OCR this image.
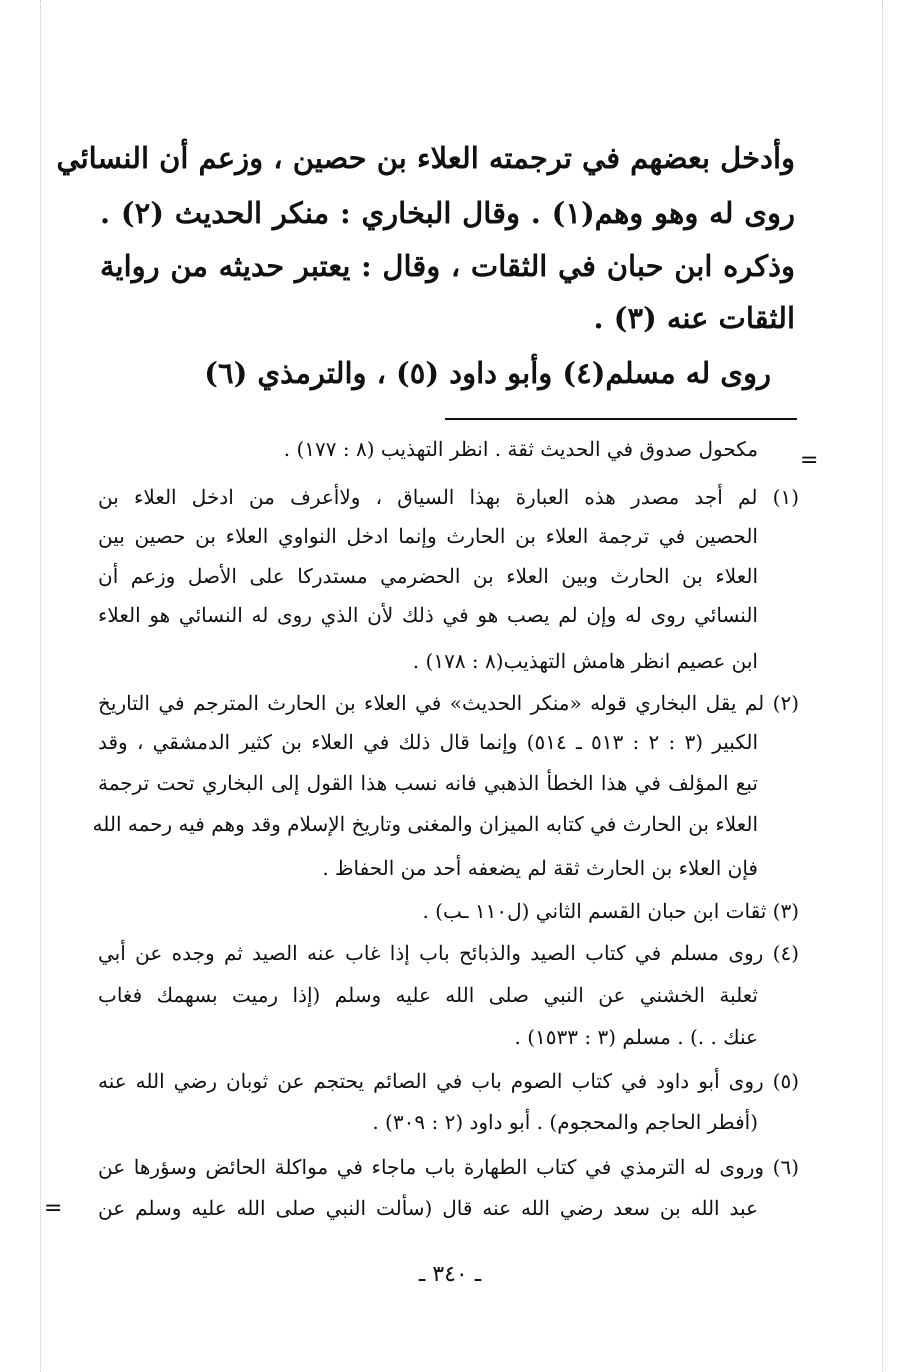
وأدخل بعضهم في ترجمته العلاء بن حصين ، وزعم أن النسائي
روى له وهو وهم(١) . وقال البخاري : منكر الحديث (٢) .
وذكره ابن حبان في الثقات ، وقال : يعتبر حديثه من رواية
الثقات عنه (٣) .
روى له مسلم(٤) وأبو داود (٥) ، والترمذي (٦)
=
مكحول صدوق في الحديث ثقة . انظر التهذيب (٨ : ١٧٧) .
(١) لم أجد مصدر هذه العبارة بهذا السياق ، ولاأعرف من ادخل العلاء بن
الحصين في ترجمة العلاء بن الحارث وإنما ادخل النواوي العلاء بن حصين بين
العلاء بن الحارث وبين العلاء بن الحضرمي مستدركا على الأصل وزعم أن
النسائي روى له وإن لم يصب هو في ذلك لأن الذي روى له النسائي هو العلاء
ابن عصيم انظر هامش التهذيب(٨ : ١٧٨) .
(٢) لم يقل البخاري قوله «منكر الحديث» في العلاء بن الحارث المترجم في التاريخ
الكبير (٣ : ٢ : ٥١٣ ـ ٥١٤) وإنما قال ذلك في العلاء بن كثير الدمشقي ، وقد
تبع المؤلف في هذا الخطأ الذهبي فانه نسب هذا القول إلى البخاري تحت ترجمة
العلاء بن الحارث في كتابه الميزان والمغنى وتاريخ الإسلام وقد وهم فيه رحمه الله
فإن العلاء بن الحارث ثقة لم يضعفه أحد من الحفاظ .
(٣) ثقات ابن حبان القسم الثاني (ل١١٠ ـب) .
(٤) روى مسلم في كتاب الصيد والذبائح باب إذا غاب عنه الصيد ثم وجده عن أبي
ثعلبة الخشني عن النبي صلى الله عليه وسلم (إذا رميت بسهمك فغاب
عنك . .) . مسلم (٣ : ١٥٣٣) .
(٥) روى أبو داود في كتاب الصوم باب في الصائم يحتجم عن ثوبان رضي الله عنه
(أفطر الحاجم والمحجوم) . أبو داود (٢ : ٣٠٩) .
(٦) وروى له الترمذي في كتاب الطهارة باب ماجاء في مواكلة الحائض وسؤرها عن
عبد الله بن سعد رضي الله عنه قال (سألت النبي صلى الله عليه وسلم عن
=
ـ ٣٤٠ ـ
